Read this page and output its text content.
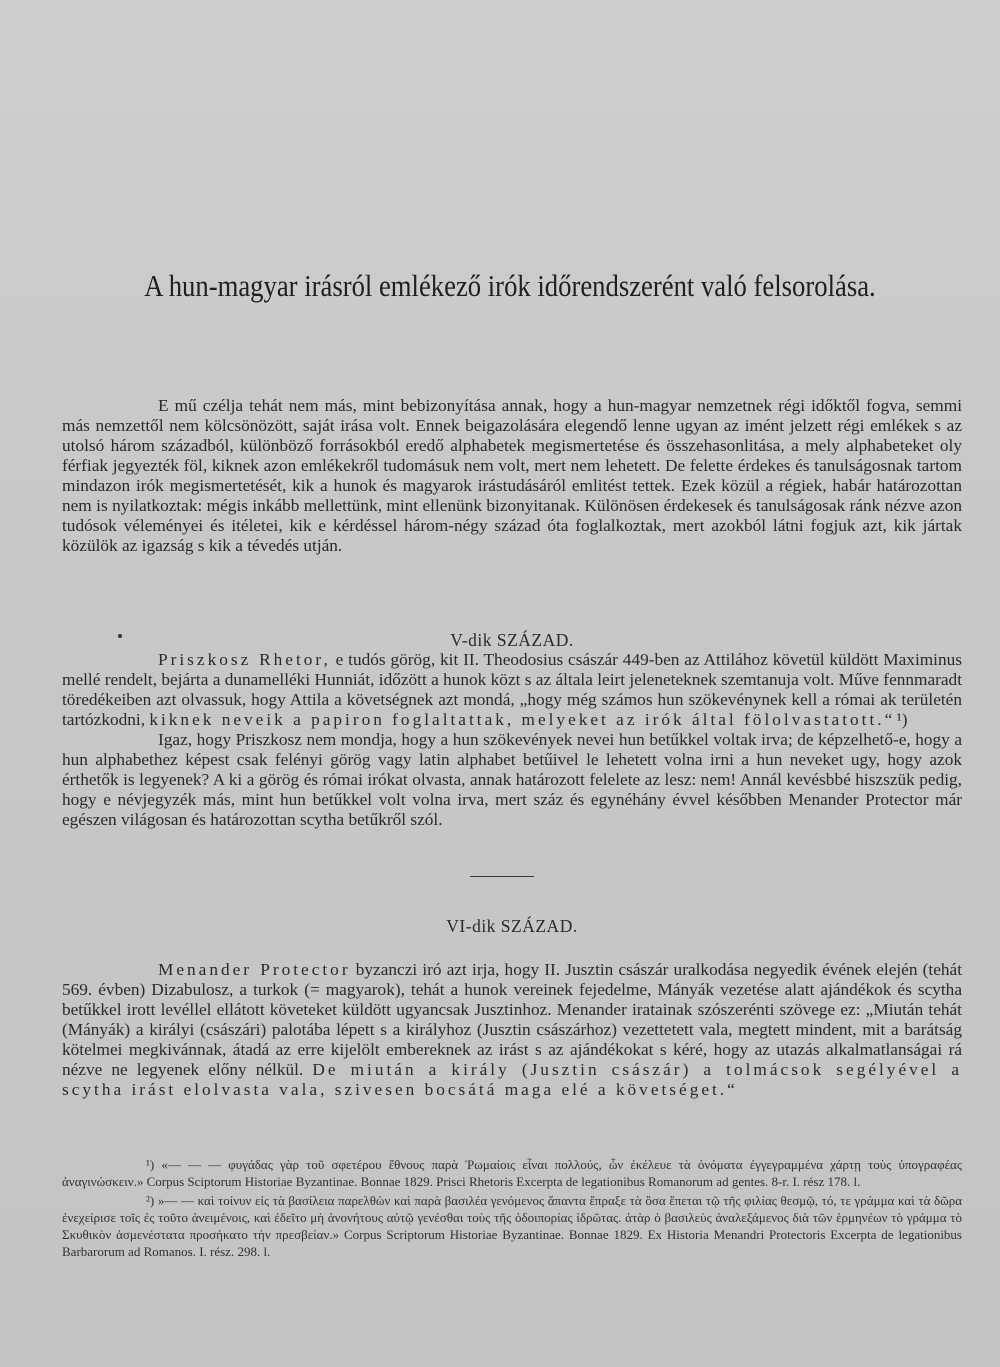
A hun-magyar irásról emlékező irók időrendszerént való felsorolása.

E mű czélja tehát nem más, mint bebizonyítása annak, hogy a hun-magyar nemzetnek régi időktől fogva, semmi más nemzettől nem kölcsönözött, saját irása volt. Ennek beigazolására elegendő lenne ugyan az imént jelzett régi emlékek s az utolsó három századból, különböző forrásokból eredő alphabetek megismertetése és összehasonlitása, a mely alphabeteket oly férfiak jegyezték föl, kiknek azon emlékekről tudomásuk nem volt, mert nem lehetett. De felette érdekes és tanulságosnak tartom mindazon irók megismertetését, kik a hunok és magyarok irástudásáról emlitést tettek. Ezek közül a régiek, habár határozottan nem is nyilatkoztak: mégis inkább mellettünk, mint ellenünk bizonyitanak. Különösen érdekesek és tanulságosak ránk nézve azon tudósok véleményei és itéletei, kik e kérdéssel három-négy század óta foglalkoztak, mert azokból látni fogjuk azt, kik jártak közülök az igazság s kik a tévedés utján.

V-dik SZÁZAD.

Priszkosz Rhetor, e tudós görög, kit II. Theodosius császár 449-ben az Attilához követül küldött Maximinus mellé rendelt, bejárta a dunamelléki Hunniát, időzött a hunok közt s az általa leirt jeleneteknek szemtanuja volt. Műve fennmaradt töredékeiben azt olvassuk, hogy Attila a követségnek azt mondá, „hogy még számos hun szökevénynek kell a római ak területén tartózkodni, kiknek neveik a papiron foglaltattak, melyeket az irók által fölolvastatott.“ ¹)

Igaz, hogy Priszkosz nem mondja, hogy a hun szökevények nevei hun betűkkel voltak irva; de képzelhető-e, hogy a hun alphabethez képest csak felényi görög vagy latin alphabet betűivel le lehetett volna irni a hun neveket ugy, hogy azok érthetők is legyenek? A ki a görög és római irókat olvasta, annak határozott felelete az lesz: nem! Annál kevésbbé hiszszük pedig, hogy e névjegyzék más, mint hun betűkkel volt volna irva, mert száz és egynéhány évvel későbben Menander Protector már egészen világosan és határozottan scytha betűkről szól.

VI-dik SZÁZAD.

Menander Protector byzanczi iró azt irja, hogy II. Jusztin császár uralkodása negyedik évének elején (tehát 569. évben) Dizabulosz, a turkok (= magyarok), tehát a hunok vereinek fejedelme, Mányák vezetése alatt ajándékok és scytha betűkkel irott levéllel ellátott követeket küldött ugyancsak Jusztinhoz. Menander iratainak szószerénti szövege ez: „Miután tehát (Mányák) a királyi (császári) palotába lépett s a királyhoz (Jusztin császárhoz) vezettetett vala, megtett mindent, mit a barátság kötelmei megkivánnak, átadá az erre kijelölt embereknek az irást s az ajándékokat s kéré, hogy az utazás alkalmatlanságai rá nézve ne legyenek előny nélkül. De miután a király (Jusztin császár) a tolmácsok segélyével a scytha irást elolvasta vala, szivesen bocsátá maga elé a követséget.“

¹) «— — — φυγάδας γὰρ τοῦ σφετέρου ἔθνους παρὰ Ῥωμαίοις εἶναι πολλούς, ὧν ἐκέλευε τὰ ὀνόματα ἐγγεγραμμένα χάρτῃ τοὺς ὑπογραφέας ἀναγινώσκειν.» Corpus Sciptorum Historiae Byzantinae. Bonnae 1829. Prisci Rhetoris Excerpta de legationibus Romanorum ad gentes. 8-r. I. rész 178. l.

²) »— — καὶ τοίνυν εἰς τὰ βασίλεια παρελθὼν καὶ παρὰ βασιλέα γενόμενος ἅπαντα ἔπραξε τὰ ὅσα ἕπεται τῷ τῆς φιλίας θεσμῷ, τό, τε γράμμα καὶ τὰ δῶρα ἐνεχείρισε τοῖς ἐς τοῦτο ἀνειμένοις, καὶ ἐδεῖτο μὴ ἀνονήτους αὐτῷ γενέσθαι τοὺς τῆς ὁδοιπορίας ἱδρῶτας. ἀτὰρ ὁ βασιλεὺς ἀναλεξάμενος διὰ τῶν ἑρμηνέων τὸ γράμμα τὸ Σκυθικὸν ἀσμενέστατα προσήκατο τὴν πρεσβείαν.» Corpus Scriptorum Historiae Byzantinae. Bonnae 1829. Ex Historia Menandri Protectoris Excerpta de legationibus Barbarorum ad Romanos. I. rész. 298. l.
